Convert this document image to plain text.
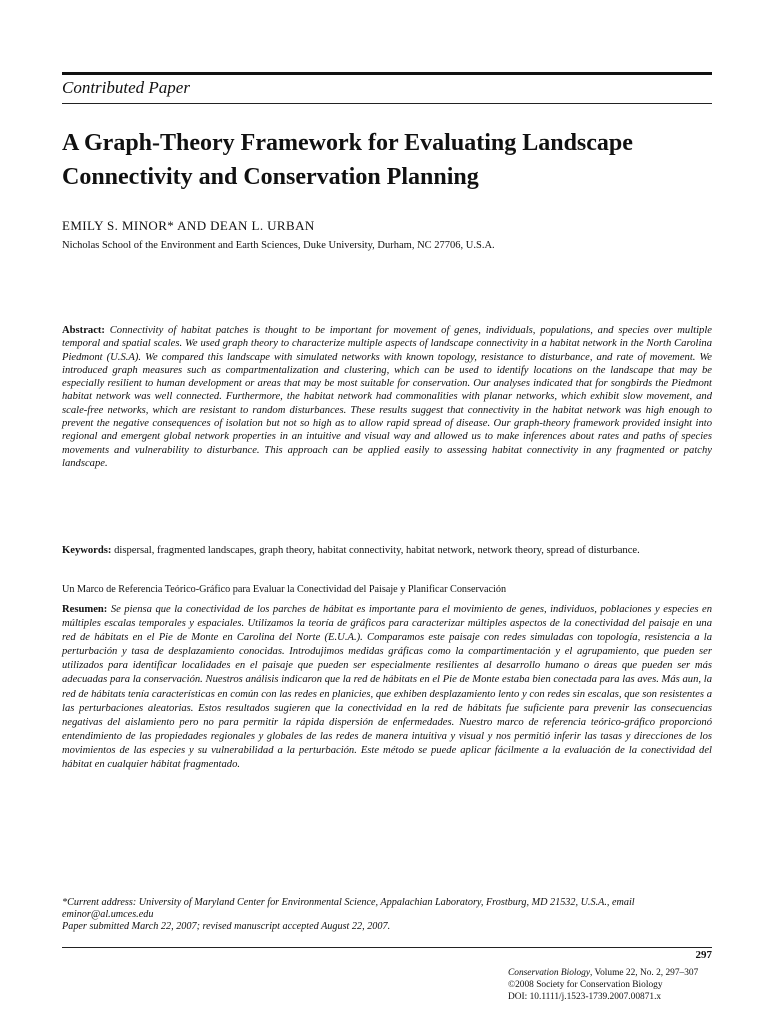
Contributed Paper
A Graph-Theory Framework for Evaluating Landscape Connectivity and Conservation Planning
EMILY S. MINOR* AND DEAN L. URBAN
Nicholas School of the Environment and Earth Sciences, Duke University, Durham, NC 27706, U.S.A.
Abstract: Connectivity of habitat patches is thought to be important for movement of genes, individuals, populations, and species over multiple temporal and spatial scales. We used graph theory to characterize multiple aspects of landscape connectivity in a habitat network in the North Carolina Piedmont (U.S.A). We compared this landscape with simulated networks with known topology, resistance to disturbance, and rate of movement. We introduced graph measures such as compartmentalization and clustering, which can be used to identify locations on the landscape that may be especially resilient to human development or areas that may be most suitable for conservation. Our analyses indicated that for songbirds the Piedmont habitat network was well connected. Furthermore, the habitat network had commonalities with planar networks, which exhibit slow movement, and scale-free networks, which are resistant to random disturbances. These results suggest that connectivity in the habitat network was high enough to prevent the negative consequences of isolation but not so high as to allow rapid spread of disease. Our graph-theory framework provided insight into regional and emergent global network properties in an intuitive and visual way and allowed us to make inferences about rates and paths of species movements and vulnerability to disturbance. This approach can be applied easily to assessing habitat connectivity in any fragmented or patchy landscape.
Keywords: dispersal, fragmented landscapes, graph theory, habitat connectivity, habitat network, network theory, spread of disturbance.
Un Marco de Referencia Teórico-Gráfico para Evaluar la Conectividad del Paisaje y Planificar Conservación
Resumen: Se piensa que la conectividad de los parches de hábitat es importante para el movimiento de genes, individuos, poblaciones y especies en múltiples escalas temporales y espaciales. Utilizamos la teoría de gráficos para caracterizar múltiples aspectos de la conectividad del paisaje en una red de hábitats en el Pie de Monte en Carolina del Norte (E.U.A.). Comparamos este paisaje con redes simuladas con topología, resistencia a la perturbación y tasa de desplazamiento conocidas. Introdujimos medidas gráficas como la compartimentación y el agrupamiento, que pueden ser utilizados para identificar localidades en el paisaje que pueden ser especialmente resilientes al desarrollo humano o áreas que pueden ser más adecuadas para la conservación. Nuestros análisis indicaron que la red de hábitats en el Pie de Monte estaba bien conectada para las aves. Más aun, la red de hábitats tenía características en común con las redes en planicies, que exhiben desplazamiento lento y con redes sin escalas, que son resistentes a las perturbaciones aleatorias. Estos resultados sugieren que la conectividad en la red de hábitats fue suficiente para prevenir las consecuencias negativas del aislamiento pero no para permitir la rápida dispersión de enfermedades. Nuestro marco de referencia teórico-gráfico proporcionó entendimiento de las propiedades regionales y globales de las redes de manera intuitiva y visual y nos permitió inferir las tasas y direcciones de los movimientos de las especies y su vulnerabilidad a la perturbación. Este método se puede aplicar fácilmente a la evaluación de la conectividad del hábitat en cualquier hábitat fragmentado.
*Current address: University of Maryland Center for Environmental Science, Appalachian Laboratory, Frostburg, MD 21532, U.S.A., email
eminor@al.umces.edu
Paper submitted March 22, 2007; revised manuscript accepted August 22, 2007.
297
Conservation Biology, Volume 22, No. 2, 297–307
©2008 Society for Conservation Biology
DOI: 10.1111/j.1523-1739.2007.00871.x
